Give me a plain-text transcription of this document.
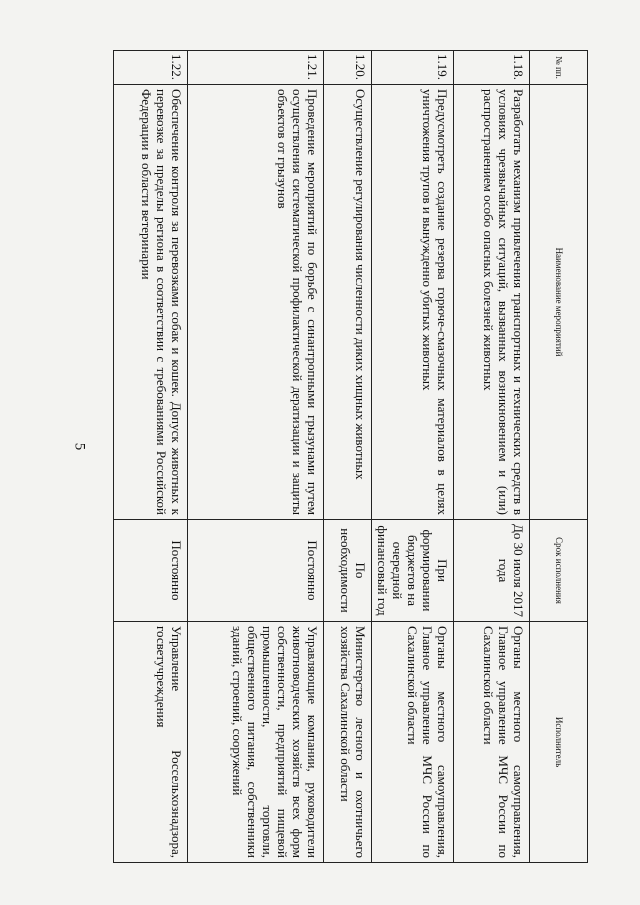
5
№ пп.	Наименование мероприятий	Срок исполнения	Исполнитель
1.18.	Разработать механизм привлечения транспортных и технических средств в условиях чрезвычайных ситуаций, вызванных возникновением и (или) распространением особо опасных болезней животных	До 30 июля 2017 года	Органы местного самоуправления, Главное управление МЧС России по Сахалинской области
1.19.	Предусмотреть создание резерва горюче-смазочных материалов в целях уничтожения трупов и вынужденно убитых животных	При формировании бюджетов на очередной финансовый год	Органы местного самоуправления, Главное управление МЧС России по Сахалинской области
1.20.	Осуществление регулирования численности диких хищных животных	По необходимости	Министерство лесного и охотничьего хозяйства Сахалинской области
1.21.	Проведение мероприятий по борьбе с синантропными грызунами путем осуществления систематической профилактической дератизации и защиты объектов от грызунов	Постоянно	Управляющие компании, руководители животноводческих хозяйств всех форм собственности, предприятий пищевой промышленности, торговли, общественного питания, собственники зданий, строений, сооружений
1.22.	Обеспечение контроля за перевозками собак и кошек. Допуск животных к перевозке за пределы региона в соответствии с требованиями Российской Федерации в области ветеринарии	Постоянно	Управление Россельхознадзора, госветучреждения
